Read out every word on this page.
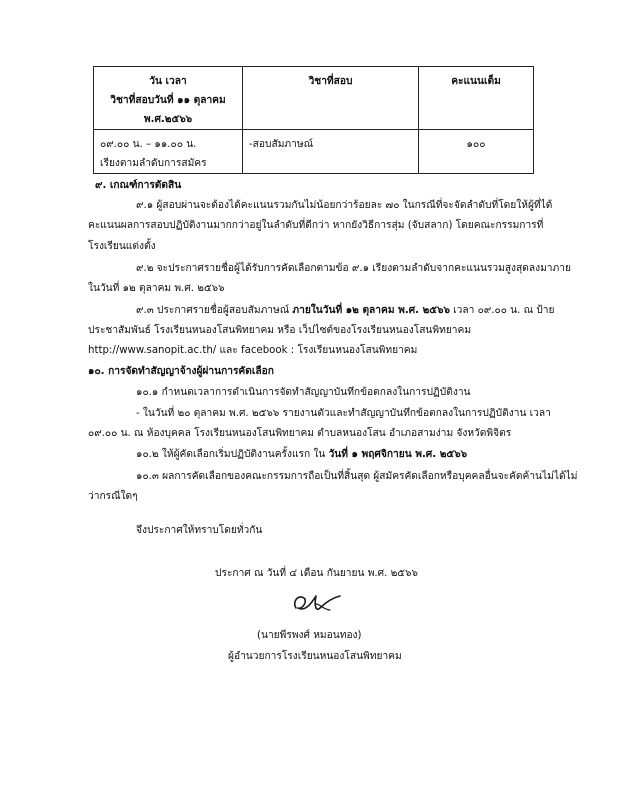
วัน เวลา
วิชาที่สอบวันที่ ๑๑ ตุลาคม
พ.ศ.๒๕๖๖	วิชาที่สอบ	คะแนนเต็ม

๐๙.๐๐ น. – ๑๑.๐๐ น.
เรียงตามลำดับการสมัคร	-สอบสัมภาษณ์	๑๐๐
๙. เกณฑ์การตัดสิน
๙.๑ ผู้สอบผ่านจะต้องได้คะแนนรวมกันไม่น้อยกว่าร้อยละ ๗๐ ในกรณีที่จะจัดลำดับที่โดยให้ผู้ที่ได้
คะแนนผลการสอบปฏิบัติงานมากกว่าอยู่ในลำดับที่ดีกว่า หากยังวิธีการสุ่ม (จับสลาก) โดยคณะกรรมการที่
โรงเรียนแต่งตั้ง
๙.๒ จะประกาศรายชื่อผู้ได้รับการคัดเลือกตามข้อ ๙.๑ เรียงตามลำดับจากคะแนนรวมสูงสุดลงมาภาย
ในวันที่ ๑๒ ตุลาคม พ.ศ. ๒๕๖๖
๙.๓ ประกาศรายชื่อผู้สอบสัมภาษณ์ ภายในวันที่ ๑๒ ตุลาคม พ.ศ. ๒๕๖๖ เวลา ๐๙.๐๐ น. ณ ป้าย
ประชาสัมพันธ์ โรงเรียนหนองโสนพิทยาคม หรือ เว็ปไซต์ของโรงเรียนหนองโสนพิทยาคม
http://www.sanopit.ac.th/ และ facebook : โรงเรียนหนองโสนพิทยาคม
๑๐. การจัดทำสัญญาจ้างผู้ผ่านการคัดเลือก
๑๐.๑ กำหนดเวลาการดำเนินการจัดทำสัญญาบันทึกข้อตกลงในการปฏิบัติงาน
- ในวันที่ ๒๐ ตุลาคม พ.ศ. ๒๕๖๖ รายงานตัวและทำสัญญาบันทึกข้อตกลงในการปฏิบัติงาน เวลา
๐๙.๐๐ น. ณ ห้องบุคคล โรงเรียนหนองโสนพิทยาคม ตำบลหนองโสน อำเภอสามง่าม จังหวัดพิจิตร
๑๐.๒ ให้ผู้คัดเลือกเริ่มปฏิบัติงานครั้งแรก ใน วันที่ ๑ พฤศจิกายน พ.ศ. ๒๕๖๖
๑๐.๓ ผลการคัดเลือกของคณะกรรมการถือเป็นที่สิ้นสุด ผู้สมัครคัดเลือกหรือบุคคลอื่นจะคัดค้านไม่ได้ไม่
ว่ากรณีใดๆ
จึงประกาศให้ทราบโดยทั่วกัน
ประกาศ ณ วันที่ ๔ เดือน กันยายน พ.ศ. ๒๕๖๖
(นายพีรพงศ์ หมอนทอง)
ผู้อำนวยการโรงเรียนหนองโสนพิทยาคม
